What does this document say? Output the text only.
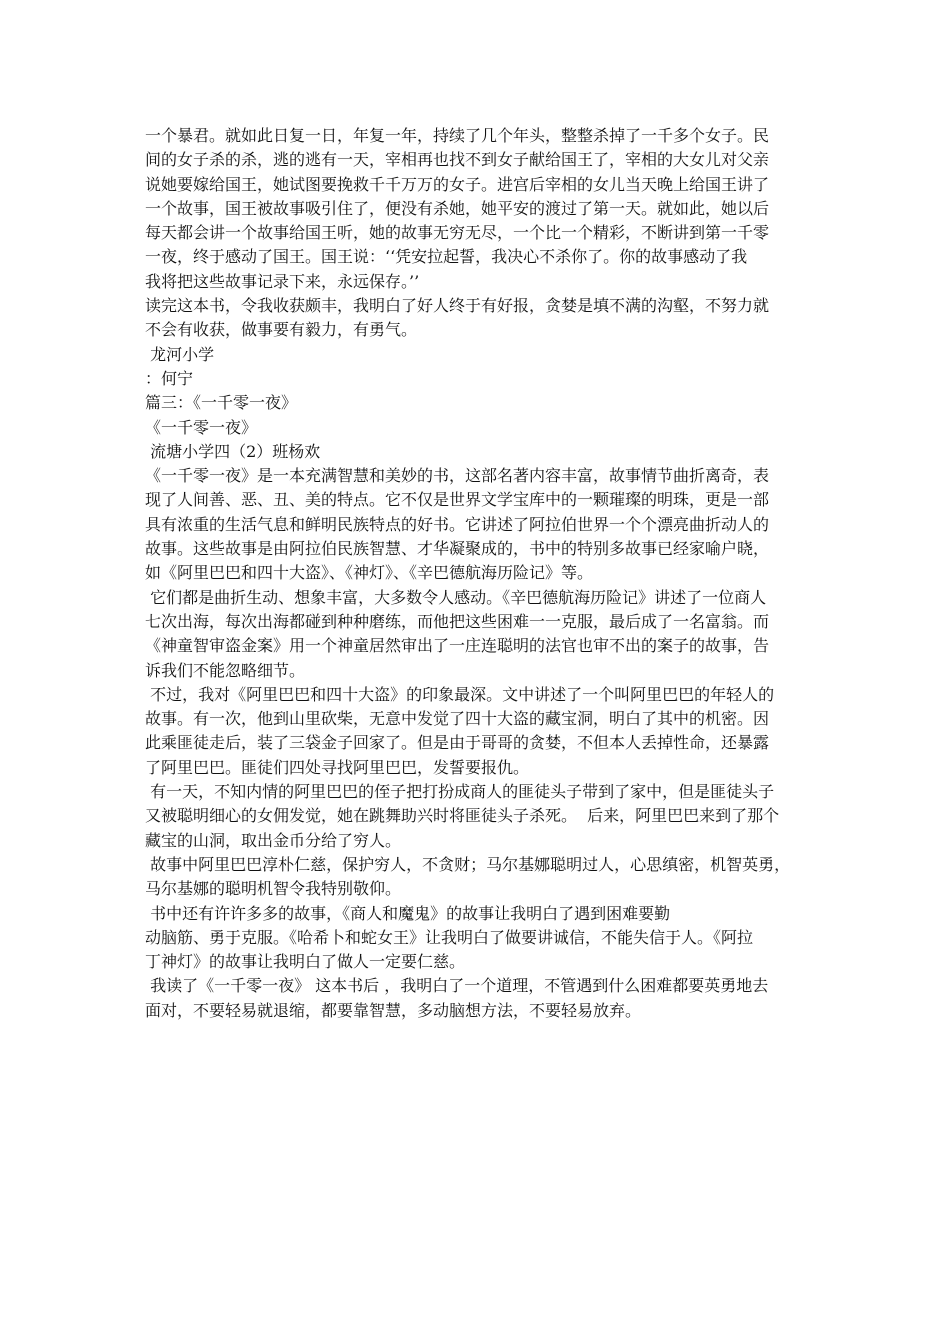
一个暴君。就如此日复一日，年复一年，持续了几个年头，整整杀掉了一千多个女子。民
间的女子杀的杀，逃的逃有一天，宰相再也找不到女子献给国王了，宰相的大女儿对父亲
说她要嫁给国王，她试图要挽救千千万万的女子。进宫后宰相的女儿当天晚上给国王讲了
一个故事，国王被故事吸引住了，便没有杀她，她平安的渡过了第一天。就如此，她以后
每天都会讲一个故事给国王听，她的故事无穷无尽，一个比一个精彩，不断讲到第一千零
一夜，终于感动了国王。国王说：‘‘凭安拉起誓，我决心不杀你了。你的故事感动了我
我将把这些故事记录下来，永远保存。’’
读完这本书，令我收获颇丰，我明白了好人终于有好报，贪婪是填不满的沟壑，不努力就
不会有收获，做事要有毅力，有勇气。
龙河小学
：何宁
篇三：《一千零一夜》
《一千零一夜》
流塘小学四（2）班杨欢
《一千零一夜》是一本充满智慧和美妙的书，这部名著内容丰富，故事情节曲折离奇，表
现了人间善、恶、丑、美的特点。它不仅是世界文学宝库中的一颗璀璨的明珠，更是一部
具有浓重的生活气息和鲜明民族特点的好书。它讲述了阿拉伯世界一个个漂亮曲折动人的
故事。这些故事是由阿拉伯民族智慧、才华凝聚成的，书中的特别多故事已经家喻户晓，
如《阿里巴巴和四十大盗》、《神灯》、《辛巴德航海历险记》等。
它们都是曲折生动、想象丰富，大多数令人感动。《辛巴德航海历险记》讲述了一位商人
七次出海，每次出海都碰到种种磨练，而他把这些困难一一克服，最后成了一名富翁。而
《神童智审盗金案》用一个神童居然审出了一庄连聪明的法官也审不出的案子的故事，告
诉我们不能忽略细节。
不过，我对《阿里巴巴和四十大盗》的印象最深。文中讲述了一个叫阿里巴巴的年轻人的
故事。有一次，他到山里砍柴，无意中发觉了四十大盗的藏宝洞，明白了其中的机密。因
此乘匪徒走后，装了三袋金子回家了。但是由于哥哥的贪婪，不但本人丢掉性命，还暴露
了阿里巴巴。匪徒们四处寻找阿里巴巴，发誓要报仇。
有一天，不知内情的阿里巴巴的侄子把打扮成商人的匪徒头子带到了家中，但是匪徒头子
又被聪明细心的女佣发觉，她在跳舞助兴时将匪徒头子杀死。  后来，阿里巴巴来到了那个
藏宝的山洞，取出金币分给了穷人。
故事中阿里巴巴淳朴仁慈，保护穷人，不贪财；马尔基娜聪明过人，心思缜密，机智英勇，
马尔基娜的聪明机智令我特别敬仰。
书中还有许许多多的故事，《商人和魔鬼》的故事让我明白了遇到困难要勤
动脑筋、勇于克服。《哈希卜和蛇女王》让我明白了做要讲诚信，不能失信于人。《阿拉
丁神灯》的故事让我明白了做人一定要仁慈。
我读了《一千零一夜》 这本书后 ，我明白了一个道理，不管遇到什么困难都要英勇地去
面对，不要轻易就退缩，都要靠智慧，多动脑想方法，不要轻易放弃。
